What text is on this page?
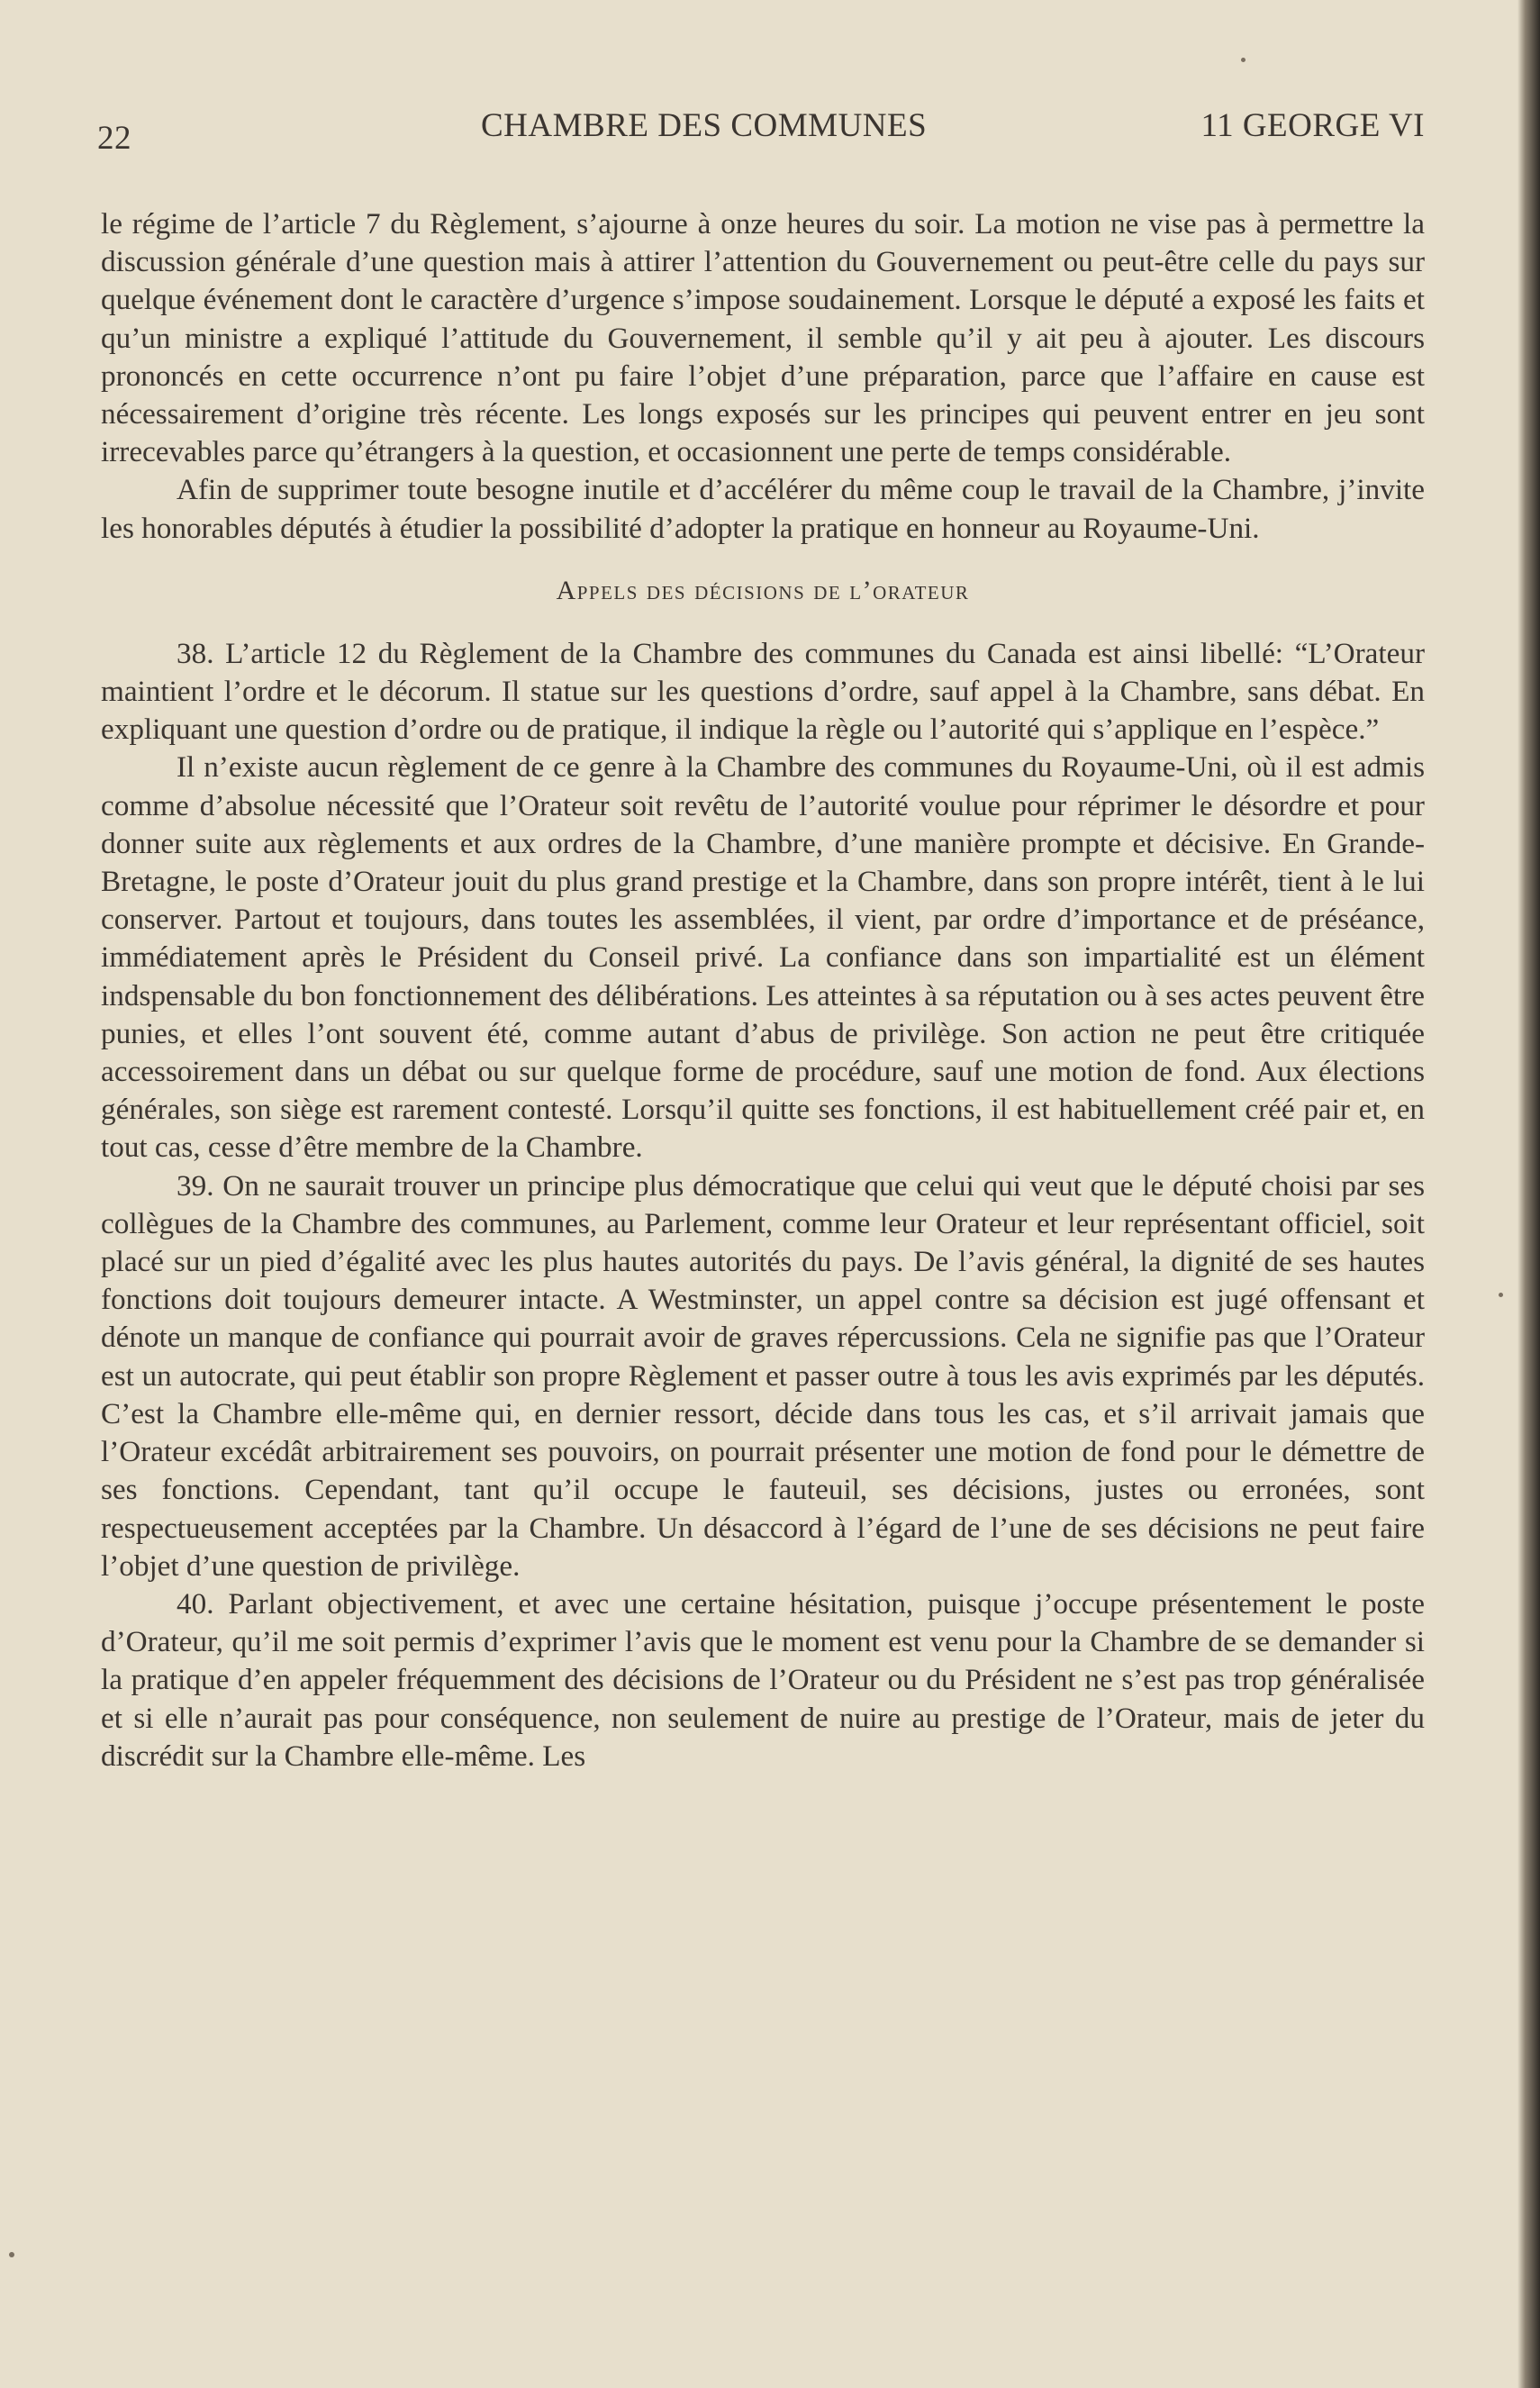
22	CHAMBRE DES COMMUNES	11 GEORGE VI

le régime de l’article 7 du Règlement, s’ajourne à onze heures du soir. La motion ne vise pas à permettre la discussion générale d’une question mais à attirer l’attention du Gouvernement ou peut-être celle du pays sur quelque événement dont le caractère d’urgence s’impose soudainement. Lorsque le député a exposé les faits et qu’un ministre a expliqué l’attitude du Gouvernement, il semble qu’il y ait peu à ajouter. Les discours prononcés en cette occurrence n’ont pu faire l’objet d’une préparation, parce que l’affaire en cause est nécessairement d’origine très récente. Les longs exposés sur les principes qui peuvent entrer en jeu sont irrecevables parce qu’étrangers à la question, et occasionnent une perte de temps considérable.

Afin de supprimer toute besogne inutile et d’accélérer du même coup le travail de la Chambre, j’invite les honorables députés à étudier la possibilité d’adopter la pratique en honneur au Royaume-Uni.

Appels des décisions de l’orateur

38. L’article 12 du Règlement de la Chambre des communes du Canada est ainsi libellé: “L’Orateur maintient l’ordre et le décorum. Il statue sur les questions d’ordre, sauf appel à la Chambre, sans débat. En expliquant une question d’ordre ou de pratique, il indique la règle ou l’autorité qui s’applique en l’espèce.”

Il n’existe aucun règlement de ce genre à la Chambre des communes du Royaume-Uni, où il est admis comme d’absolue nécessité que l’Orateur soit revêtu de l’autorité voulue pour réprimer le désordre et pour donner suite aux règlements et aux ordres de la Chambre, d’une manière prompte et décisive. En Grande-Bretagne, le poste d’Orateur jouit du plus grand prestige et la Chambre, dans son propre intérêt, tient à le lui conserver. Partout et toujours, dans toutes les assemblées, il vient, par ordre d’importance et de préséance, immédiatement après le Président du Conseil privé. La confiance dans son impartialité est un élément indspensable du bon fonctionnement des délibérations. Les atteintes à sa réputation ou à ses actes peuvent être punies, et elles l’ont souvent été, comme autant d’abus de privilège. Son action ne peut être critiquée accessoirement dans un débat ou sur quelque forme de procédure, sauf une motion de fond. Aux élections générales, son siège est rarement contesté. Lorsqu’il quitte ses fonctions, il est habituellement créé pair et, en tout cas, cesse d’être membre de la Chambre.

39. On ne saurait trouver un principe plus démocratique que celui qui veut que le député choisi par ses collègues de la Chambre des communes, au Parlement, comme leur Orateur et leur représentant officiel, soit placé sur un pied d’égalité avec les plus hautes autorités du pays. De l’avis général, la dignité de ses hautes fonctions doit toujours demeurer intacte. A Westminster, un appel contre sa décision est jugé offensant et dénote un manque de confiance qui pourrait avoir de graves répercussions. Cela ne signifie pas que l’Orateur est un autocrate, qui peut établir son propre Règlement et passer outre à tous les avis exprimés par les députés. C’est la Chambre elle-même qui, en dernier ressort, décide dans tous les cas, et s’il arrivait jamais que l’Orateur excédât arbitrairement ses pouvoirs, on pourrait présenter une motion de fond pour le démettre de ses fonctions. Cependant, tant qu’il occupe le fauteuil, ses décisions, justes ou erronées, sont respectueusement acceptées par la Chambre. Un désaccord à l’égard de l’une de ses décisions ne peut faire l’objet d’une question de privilège.

40. Parlant objectivement, et avec une certaine hésitation, puisque j’occupe présentement le poste d’Orateur, qu’il me soit permis d’exprimer l’avis que le moment est venu pour la Chambre de se demander si la pratique d’en appeler fréquemment des décisions de l’Orateur ou du Président ne s’est pas trop généralisée et si elle n’aurait pas pour conséquence, non seulement de nuire au prestige de l’Orateur, mais de jeter du discrédit sur la Chambre elle-même. Les
